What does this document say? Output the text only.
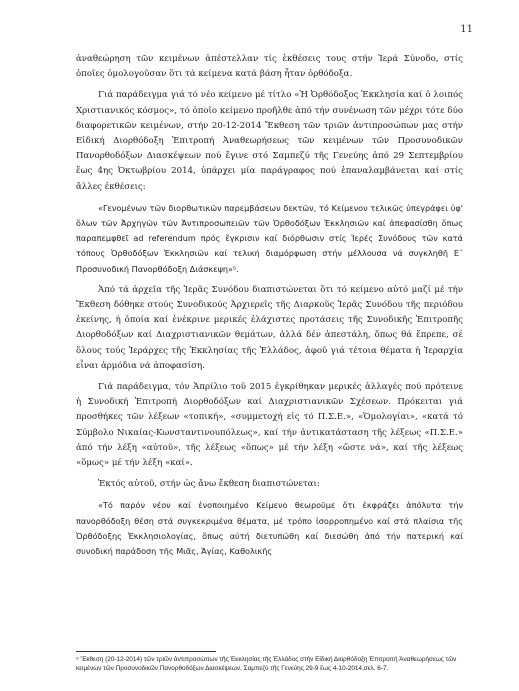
11

ἀναθεώρηση τῶν κειμένων ἀπέστελλαν τίς ἐκθέσεις τους στήν Ἱερά Σύνοδο, στίς ὁποῖες ὁμολογοῦσαν ὅτι τά κείμενα κατά βάση ἦταν ὀρθόδοξα.

Γιά παράδειγμα γιά τό νέο κείμενο μέ τίτλο «Ἡ Ὀρθόδοξος Ἐκκλησία καί ὁ λοιπός Χριστιανικός κόσμος», τό ὁποῖο κείμενο προῆλθε ἀπό τήν συνένωση τῶν μέχρι τότε δύο διαφορετικῶν κειμένων, στήν 20-12-2014 Ἔκθεση τῶν τριῶν ἀντιπροσώπων μας στήν Εἰδική Διορθόδοξη Ἐπιτροπή Ἀναθεωρήσεως τῶν κειμένων τῶν Προσυνοδικῶν Πανορθοδόξων Διασκέψεων πού ἔγινε στό Σαμπεζύ τῆς Γενεύης ἀπό 29 Σεπτεμβρίου ἕως 4ης Ὀκτωβρίου 2014, ὑπάρχει μία παράγραφος πού ἐπαναλαμβάνεται καί στίς ἄλλες ἐκθέσεις:

«Γενομένων τῶν διορθωτικῶν παρεμβάσεων δεκτῶν, τό Κείμενον τελικῶς ὑπεγράφει ὑφ' ὅλων τῶν Ἀρχηγῶν τῶν Ἀντιπροσωπειῶν τῶν Ὀρθοδόξων Ἐκκλησιῶν καί ἀπεφασίσθη ὅπως παραπεμφθεῖ ad referendum πρός ἔγκρισιν καί διόρθωσιν στίς Ἱερές Συνόδους τῶν κατά τόπους Ὀρθοδόξων Ἐκκλησιῶν καί τελική διαμόρφωση στήν μέλλουσα νά συγκληθῆ Ε΄ Προσυνοδική Πανορθόδοξη Διάσκεψη»⁵.

Ἀπό τά ἀρχεῖα τῆς Ἱερᾶς Συνόδου διαπιστώνεται ὅτι τό κείμενο αὐτό μαζί μέ τήν Ἔκθεση δόθηκε στούς Συνοδικούς Ἀρχιερεῖς τῆς Διαρκοῦς Ἱερᾶς Συνόδου τῆς περιόδου ἐκείνης, ἡ ὁποία καί ἐνέκρινε μερικές ἐλάχιστες προτάσεις τῆς Συνοδικῆς Ἐπιτροπῆς Διορθοδόξων καί Διαχριστιανικῶν θεμάτων, ἀλλά δέν ἀπεστάλη, ὅπως θά ἔπρεπε, σέ ὅλους τούς Ἱεράρχες τῆς Ἐκκλησίας τῆς Ἑλλάδος, ἀφοῦ γιά τέτοια θέματα ἡ Ἱεραρχία εἶναι ἁρμόδια νά ἀποφασίση.

Γιά παράδειγμα, τόν Ἀπρίλιο τοῦ 2015 ἐγκρίθηκαν μερικές ἀλλαγές πού πρότεινε ἡ Συνοδική Ἐπιτροπή Διορθοδόξων καί Διαχριστιανικῶν Σχέσεων. Πρόκειται γιά προσθήκες τῶν λέξεων «τοπική», «συμμετοχή εἰς τό Π.Σ.Ε.», «Ὁμολογίαι», «κατά τό Σύμβολο Νικαίας-Κωνσταντινουπόλεως», καί τήν ἀντικατάσταση τῆς λέξεως «Π.Σ.Ε.» ἀπό τήν λέξη «αὐτοῦ», τῆς λέξεως «ὅπως» μέ τήν λέξη «ὥστε νά», καί τῆς λέξεως «ὅμως» μέ τήν λέξη «καί».

Ἐκτός αὐτοῦ, στήν ὡς ἄνω ἔκθεση διαπιστώνεται:

«Τό παρόν νέον καί ἑνοποιημένο Κείμενο θεωροῦμε ὅτι ἐκφράζει ἀπόλυτα τήν πανορθόδοξη θέση στά συγκεκριμένα θέματα, μέ τρόπο ἰσορροπημένο καί στά πλαίσια τῆς Ὀρθόδοξης Ἐκκλησιολογίας, ὅπως αὐτή διετυπώθη καί διεσώθη ἀπό τήν πατερική καί συνοδική παράδοση τῆς Μιᾶς, Ἁγίας, Καθολικῆς

⁵ Ἔκθεση (20-12-2014) τῶν τριῶν ἀντιπροσώπων τῆς Ἐκκλησίας τῆς Ἑλλάδος στήν Εἰδική Διορθόδοξη Ἐπιτροπή Ἀναθεωρήσεως τῶν κειμένων τῶν Προσυνοδικῶν Πανορθοδόξων Διασκέψεων, Σαμπεζύ τῆς Γενεύης 29-9 ἕως 4-10-2014,σελ. 6-7.
